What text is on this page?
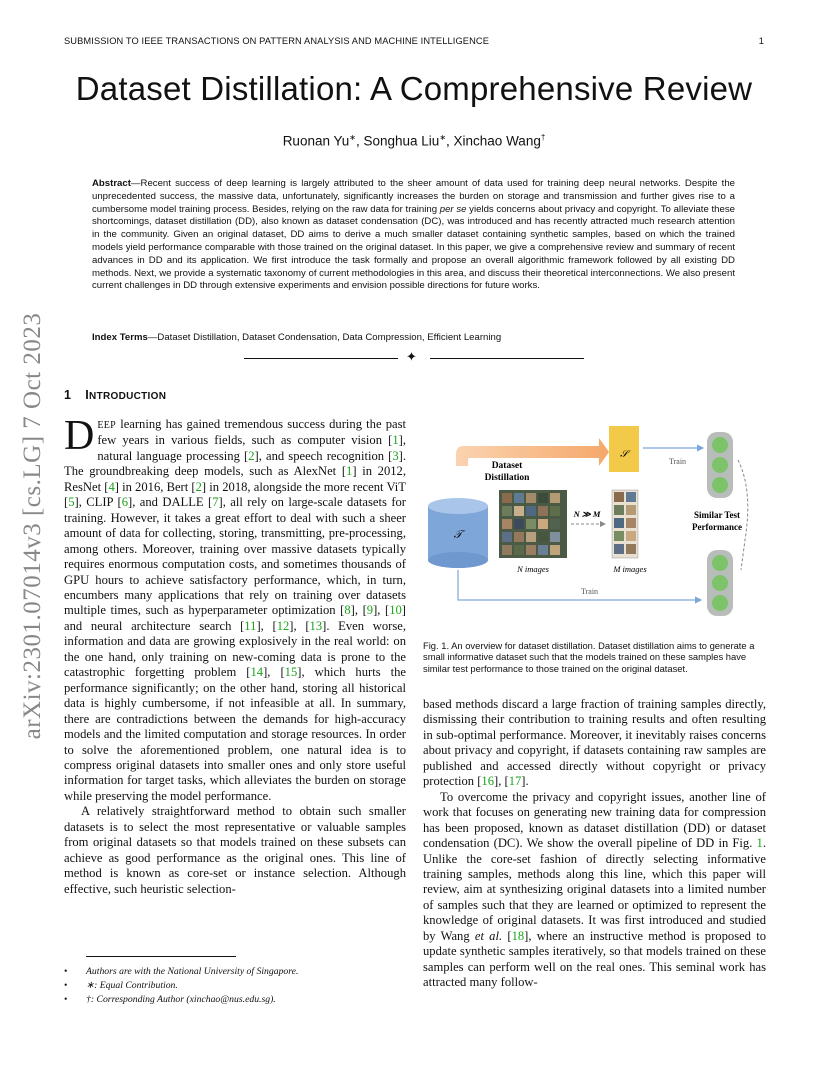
SUBMISSION TO IEEE TRANSACTIONS ON PATTERN ANALYSIS AND MACHINE INTELLIGENCE	1
arXiv:2301.07014v3 [cs.LG] 7 Oct 2023
Dataset Distillation: A Comprehensive Review
Ruonan Yu∗, Songhua Liu∗, Xinchao Wang†
Abstract—Recent success of deep learning is largely attributed to the sheer amount of data used for training deep neural networks. Despite the unprecedented success, the massive data, unfortunately, significantly increases the burden on storage and transmission and further gives rise to a cumbersome model training process. Besides, relying on the raw data for training per se yields concerns about privacy and copyright. To alleviate these shortcomings, dataset distillation (DD), also known as dataset condensation (DC), was introduced and has recently attracted much research attention in the community. Given an original dataset, DD aims to derive a much smaller dataset containing synthetic samples, based on which the trained models yield performance comparable with those trained on the original dataset. In this paper, we give a comprehensive review and summary of recent advances in DD and its application. We first introduce the task formally and propose an overall algorithmic framework followed by all existing DD methods. Next, we provide a systematic taxonomy of current methodologies in this area, and discuss their theoretical interconnections. We also present current challenges in DD through extensive experiments and envision possible directions for future works.
Index Terms—Dataset Distillation, Dataset Condensation, Data Compression, Efficient Learning
✦
1 INTRODUCTION

DEEP learning has gained tremendous success during the past few years in various fields, such as computer vision [1], natural language processing [2], and speech recognition [3]. The groundbreaking deep models, such as AlexNet [1] in 2012, ResNet [4] in 2016, Bert [2] in 2018, alongside the more recent ViT [5], CLIP [6], and DALLE [7], all rely on large-scale datasets for training. However, it takes a great effort to deal with such a sheer amount of data for collecting, storing, transmitting, pre-processing, among others. Moreover, training over massive datasets typically requires enormous computation costs, and sometimes thousands of GPU hours to achieve satisfactory performance, which, in turn, encumbers many applications that rely on training over datasets multiple times, such as hyperparameter optimization [8], [9], [10] and neural architecture search [11], [12], [13]. Even worse, information and data are growing explosively in the real world: on the one hand, only training on new-coming data is prone to the catastrophic forgetting problem [14], [15], which hurts the performance significantly; on the other hand, storing all historical data is highly cumbersome, if not infeasible at all. In summary, there are contradictions between the demands for high-accuracy models and the limited computation and storage resources. In order to solve the aforementioned problem, one natural idea is to compress original datasets into smaller ones and only store useful information for target tasks, which alleviates the burden on storage while preserving the model performance.

A relatively straightforward method to obtain such smaller datasets is to select the most representative or valuable samples from original datasets so that models trained on these subsets can achieve as good performance as the original ones. This line of method is known as core-set or instance selection. Although effective, such heuristic selection-

• Authors are with the National University of Singapore.
• ∗: Equal Contribution.
• †: Corresponding Author (xinchao@nus.edu.sg).
Dataset
Distillation
𝒮
Train
𝒯
N images
N ≫ M
M images
Similar Test
Performance
Train
Fig. 1. An overview for dataset distillation. Dataset distillation aims to generate a small informative dataset such that the models trained on these samples have similar test performance to those trained on the original dataset.

based methods discard a large fraction of training samples directly, dismissing their contribution to training results and often resulting in sub-optimal performance. Moreover, it inevitably raises concerns about privacy and copyright, if datasets containing raw samples are published and accessed directly without copyright or privacy protection [16], [17].

To overcome the privacy and copyright issues, another line of work that focuses on generating new training data for compression has been proposed, known as dataset distillation (DD) or dataset condensation (DC). We show the overall pipeline of DD in Fig. 1. Unlike the core-set fashion of directly selecting informative training samples, methods along this line, which this paper will review, aim at synthesizing original datasets into a limited number of samples such that they are learned or optimized to represent the knowledge of original datasets. It was first introduced and studied by Wang et al. [18], where an instructive method is proposed to update synthetic samples iteratively, so that models trained on these samples can perform well on the real ones. This seminal work has attracted many follow-
